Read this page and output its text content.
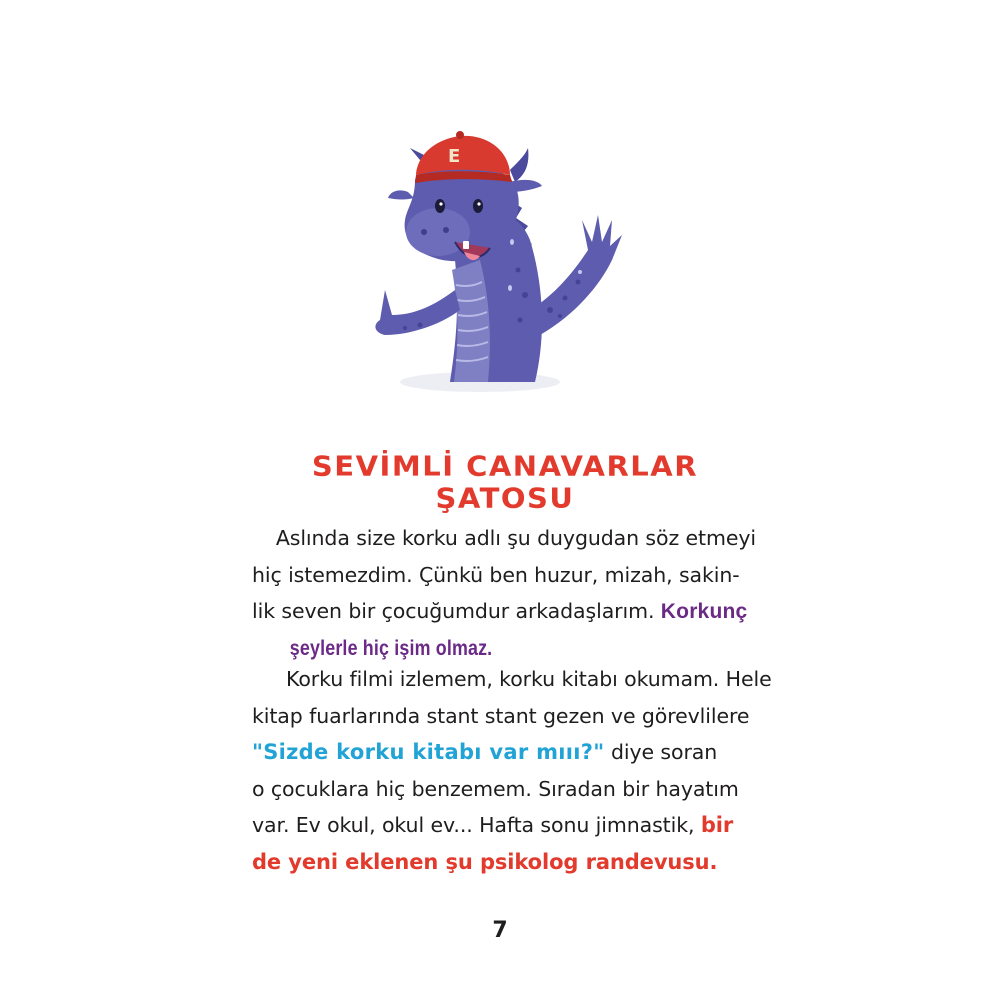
E
SEVİMLİ CANAVARLAR
ŞATOSU
Aslında size korku adlı şu duygudan söz etmeyi
hiç istemezdim. Çünkü ben huzur, mizah, sakin-
lik seven bir çocuğumdur arkadaşlarım. Korkunç
şeylerle hiç işim olmaz.
Korku filmi izlemem, korku kitabı okumam. Hele
kitap fuarlarında stant stant gezen ve görevlilere
"Sizde korku kitabı var mııı?" diye soran
o çocuklara hiç benzemem. Sıradan bir hayatım
var. Ev okul, okul ev... Hafta sonu jimnastik, bir
de yeni eklenen şu psikolog randevusu.
7
